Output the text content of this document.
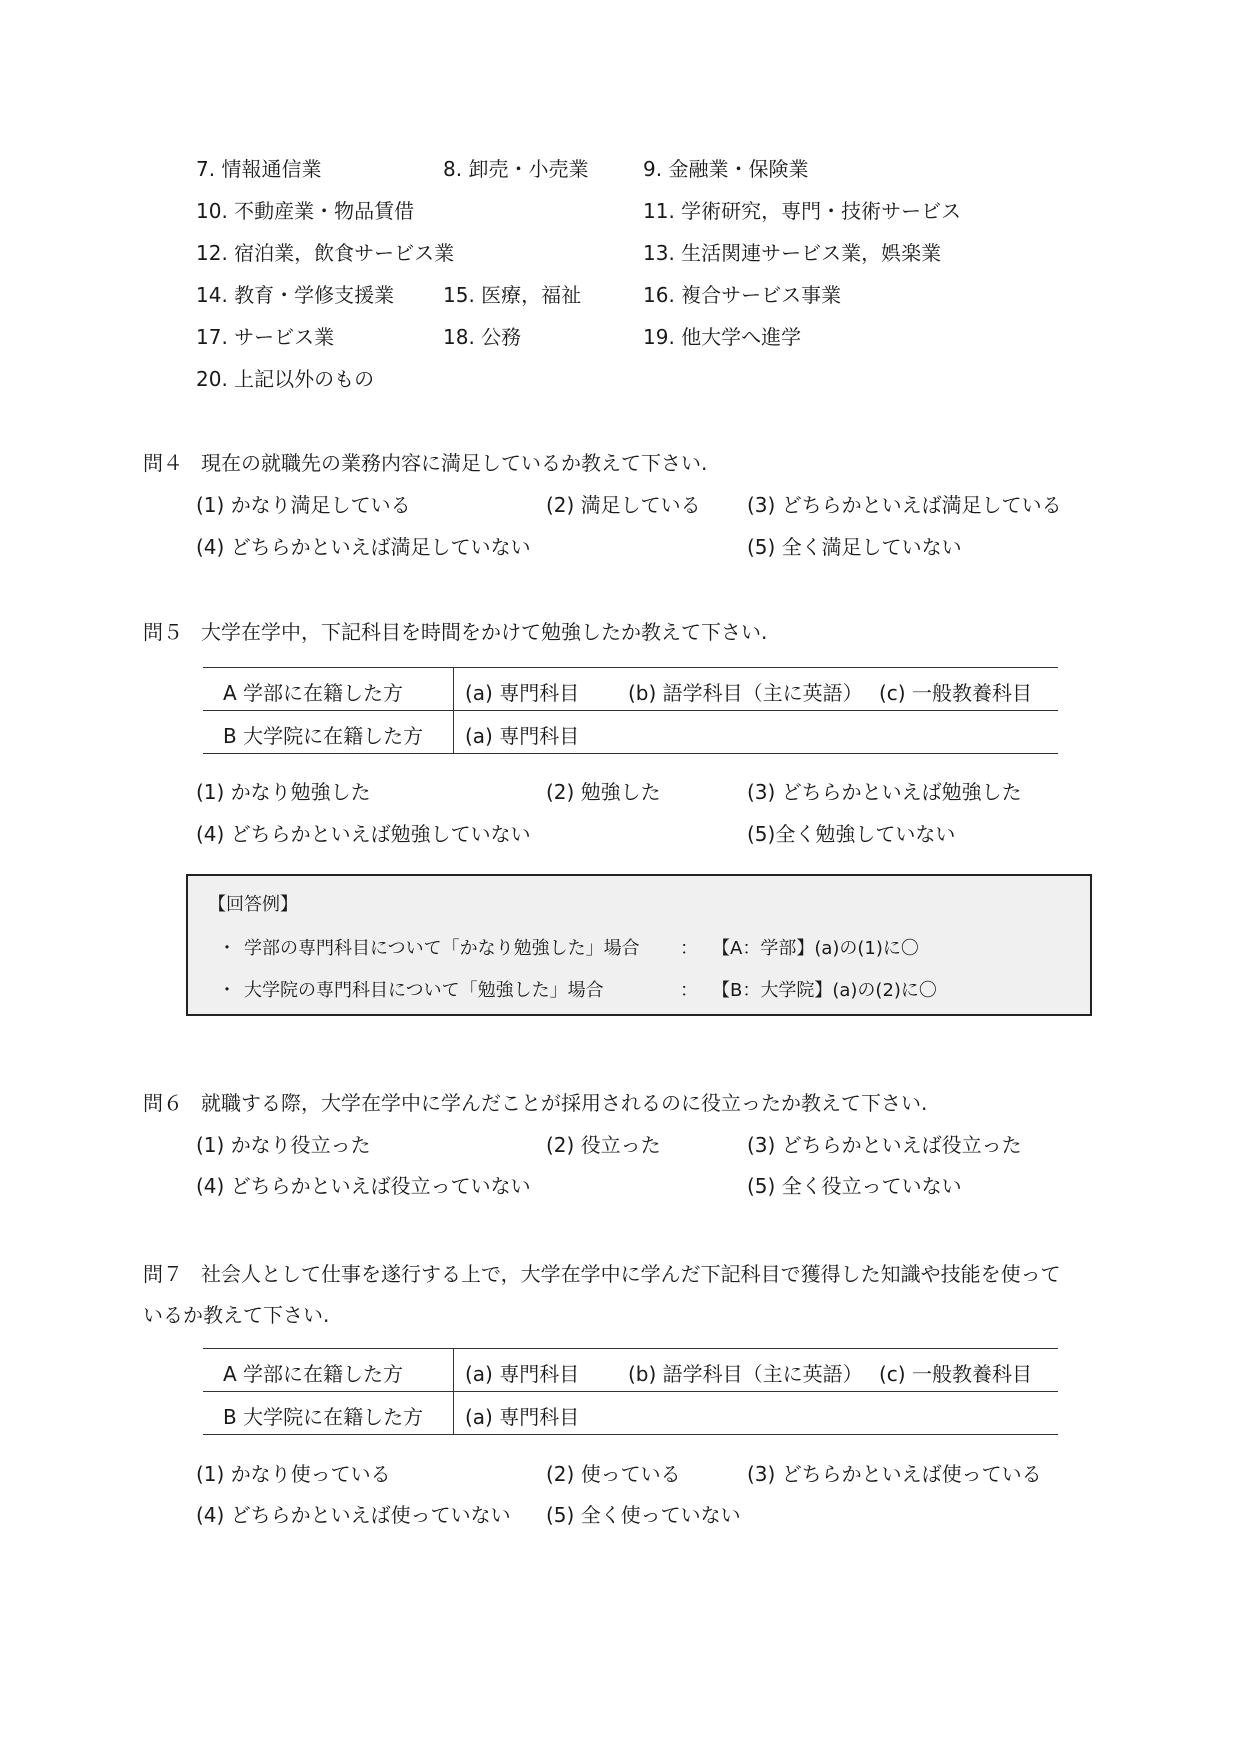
7. 情報通信業	8. 卸売・小売業	9. 金融業・保険業
10. 不動産業・物品賃借	11. 学術研究，専門・技術サービス
12. 宿泊業，飲食サービス業	13. 生活関連サービス業，娯楽業
14. 教育・学修支援業 15. 医療，福祉	16. 複合サービス事業
17. サービス業	18. 公務	19. 他大学へ進学
20. 上記以外のもの
問４ 現在の就職先の業務内容に満足しているか教えて下さい.
(1) かなり満足している	(2) 満足している (3) どちらかといえば満足している
(4) どちらかといえば満足していない	(5) 全く満足していない
問５ 大学在学中，下記科目を時間をかけて勉強したか教えて下さい.
A 学部に在籍した方	(a) 専門科目 (b) 語学科目（主に英語） (c) 一般教養科目
B 大学院に在籍した方 (a) 専門科目
(1) かなり勉強した	(2) 勉強した	(3) どちらかといえば勉強した
(4) どちらかといえば勉強していない	(5)全く勉強していない
【回答例】
・ 学部の専門科目について「かなり勉強した」場合 ： 【A：学部】(a)の(1)に〇
・ 大学院の専門科目について「勉強した」場合	： 【B：大学院】(a)の(2)に〇
問６ 就職する際，大学在学中に学んだことが採用されるのに役立ったか教えて下さい.
(1) かなり役立った	(2) 役立った	(3) どちらかといえば役立った
(4) どちらかといえば役立っていない	(5) 全く役立っていない
問７ 社会人として仕事を遂行する上で，大学在学中に学んだ下記科目で獲得した知識や技能を使って
いるか教えて下さい.
A 学部に在籍した方	(a) 専門科目 (b) 語学科目（主に英語） (c) 一般教養科目
B 大学院に在籍した方 (a) 専門科目
(1) かなり使っている	(2) 使っている	(3) どちらかといえば使っている
(4) どちらかといえば使っていない (5) 全く使っていない
